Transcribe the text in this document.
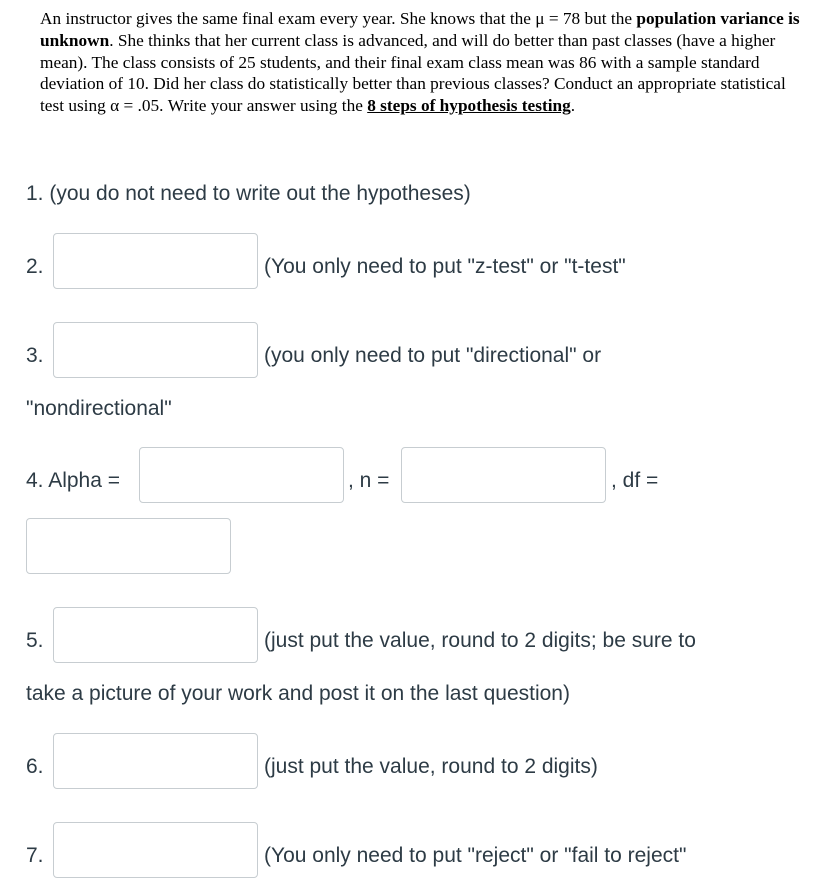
An instructor gives the same final exam every year. She knows that the μ = 78 but the population variance is unknown. She thinks that her current class is advanced, and will do better than past classes (have a higher mean). The class consists of 25 students, and their final exam class mean was 86 with a sample standard deviation of 10. Did her class do statistically better than previous classes? Conduct an appropriate statistical test using α = .05. Write your answer using the 8 steps of hypothesis testing.
1. (you do not need to write out the hypotheses)
2.	(You only need to put "z-test" or "t-test"
3.	(you only need to put "directional" or
"nondirectional"
4. Alpha =	, n =	, df =
5.	(just put the value, round to 2 digits; be sure to
take a picture of your work and post it on the last question)
6.	(just put the value, round to 2 digits)
7.	(You only need to put "reject" or "fail to reject"
